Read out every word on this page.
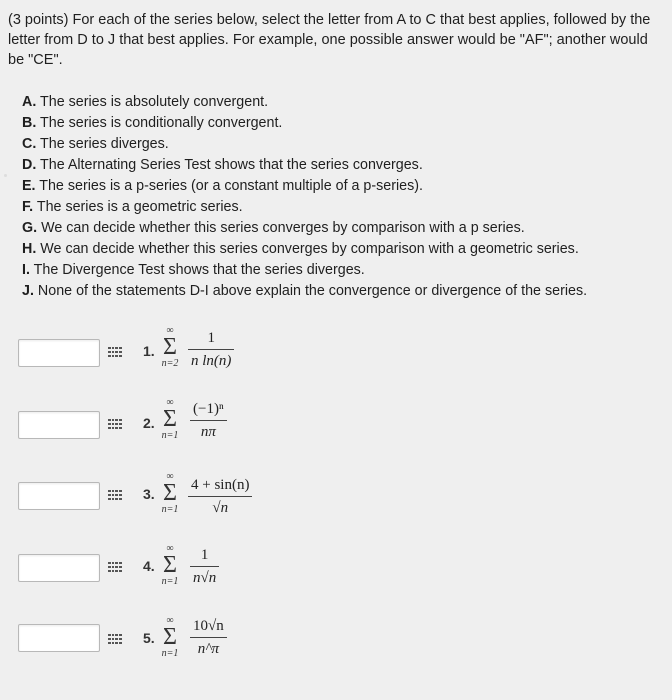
(3 points) For each of the series below, select the letter from A to C that best applies, followed by the letter from D to J that best applies. For example, one possible answer would be "AF"; another would be "CE".
A. The series is absolutely convergent.
B. The series is conditionally convergent.
C. The series diverges.
D. The Alternating Series Test shows that the series converges.
E. The series is a p-series (or a constant multiple of a p-series).
F. The series is a geometric series.
G. We can decide whether this series converges by comparison with a p series.
H. We can decide whether this series converges by comparison with a geometric series.
I. The Divergence Test shows that the series diverges.
J. None of the statements D-I above explain the convergence or divergence of the series.
1.
∞
Σ
n=2
1
n ln(n)
2.
∞
Σ
n=1
(−1)ⁿ
nπ
3.
∞
Σ
n=1
4 + sin(n)
√n
4.
∞
Σ
n=1
1
n√n
5.
∞
Σ
n=1
10√n
n^π
